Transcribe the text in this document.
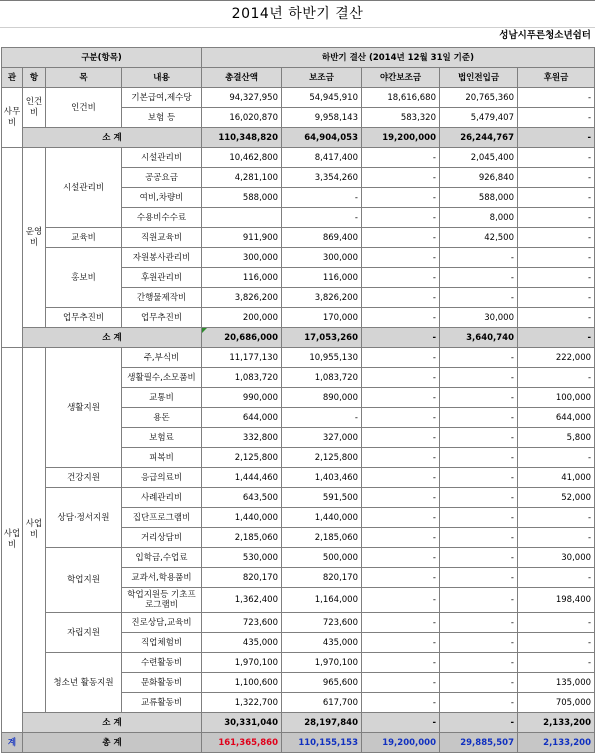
2014년 하반기 결산
성남시푸른청소년쉼터
구분(항목)				하반기 결산 (2014년 12월 31일 기준)				
관	항	목	내용	총결산액	보조금	야간보조금	법인전입금	후원금

사무비	인건비	인건비	기본급여,제수당	94,327,950	54,945,910	18,616,680	20,765,360	-
			보험 등	16,020,870	9,958,143	583,320	5,479,407	-
	소 계			110,348,820	64,904,053	19,200,000	26,244,767	-

	운영비	시설관리비	시설관리비	10,462,800	8,417,400	-	2,045,400	-
			공공요금	4,281,100	3,354,260	-	926,840	-
			여비,차량비	588,000	-	-	588,000	-
			수용비수수료		-	-	8,000	-
		교육비	직원교육비	911,900	869,400	-	42,500	-
		홍보비	자원봉사관리비	300,000	300,000	-	-	-
			후원관리비	116,000	116,000	-	-	-
			간행물제작비	3,826,200	3,826,200	-	-	-
		업무추진비	업무추진비	200,000	170,000	-	30,000	-
	소 계			20,686,000	17,053,260	-	3,640,740	-

사업비	사업비	생활지원	주,부식비	11,177,130	10,955,130	-	-	222,000
			생활필수,소모품비	1,083,720	1,083,720	-	-	-
			교통비	990,000	890,000	-	-	100,000
			용돈	644,000	-	-	-	644,000
			보험료	332,800	327,000	-	-	5,800
			피복비	2,125,800	2,125,800	-	-	-
		건강지원	응급의료비	1,444,460	1,403,460	-	-	41,000
		상담·정서지원	사례관리비	643,500	591,500	-	-	52,000
			집단프로그램비	1,440,000	1,440,000	-	-	-
			거리상담비	2,185,060	2,185,060	-	-	-
		학업지원	입학금,수업료	530,000	500,000	-	-	30,000
			교과서,학용품비	820,170	820,170	-	-	-
			학업지원등 기초프로그램비	1,362,400	1,164,000	-	-	198,400
		자립지원	진로상담,교육비	723,600	723,600	-	-	-
			직업체험비	435,000	435,000	-	-	-
		청소년 활동지원	수련활동비	1,970,100	1,970,100	-	-	-
			문화활동비	1,100,600	965,600	-	-	135,000
			교류활동비	1,322,700	617,700	-	-	705,000
	소 계			30,331,040	28,197,840	-	-	2,133,200
계	총 계			161,365,860	110,155,153	19,200,000	29,885,507	2,133,200
